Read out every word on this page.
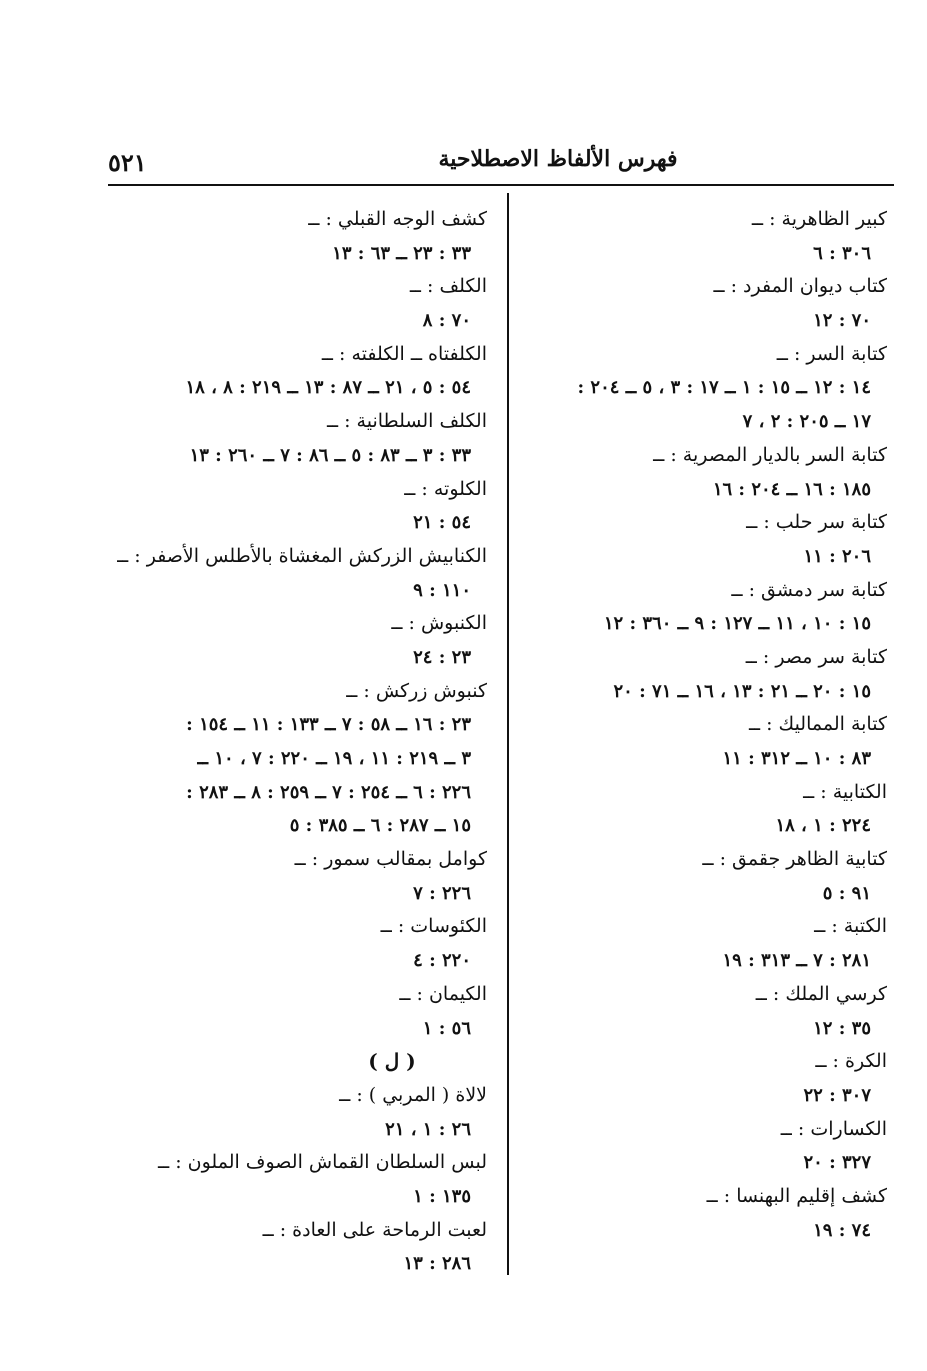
٥٢١	فهرس الألفاظ الاصطلاحية
كبير الظاهرية : ــ
٣٠٦ : ٦
كتاب ديوان المفرد : ــ
٧٠ : ١٢
كتابة السر : ــ
١٤ : ١٢ ــ ١٥ : ١ ــ ١٧ : ٣ ، ٥ ــ ٢٠٤ :
١٧ ــ ٢٠٥ : ٢ ، ٧
كتابة السر بالديار المصرية : ــ
١٨٥ : ١٦ ــ ٢٠٤ : ١٦
كتابة سر حلب : ــ
٢٠٦ : ١١
كتابة سر دمشق : ــ
١٥ : ١٠ ، ١١ ــ ١٢٧ : ٩ ــ ٣٦٠ : ١٢
كتابة سر مصر : ــ
١٥ : ٢٠ ــ ٢١ : ١٣ ، ١٦ ــ ٧١ : ٢٠
كتابة المماليك : ــ
٨٣ : ١٠ ــ ٣١٢ : ١١
الكتابية : ــ
٢٢٤ : ١ ، ١٨
كتابية الظاهر جقمق : ــ
٩١ : ٥
الكتبة : ــ
٢٨١ : ٧ ــ ٣١٣ : ١٩
كرسي الملك : ــ
٣٥ : ١٢
الكرة : ــ
٣٠٧ : ٢٢
الكسارات : ــ
٣٢٧ : ٢٠
كشف إقليم البهنسا : ــ
٧٤ : ١٩
كشف الوجه القبلي : ــ
٣٣ : ٢٣ ــ ٦٣ : ١٣
الكلف : ــ
٧٠ : ٨
الكلفتاه ــ الكلفته : ــ
٥٤ : ٥ ، ٢١ ــ ٨٧ : ١٣ ــ ٢١٩ : ٨ ، ١٨
الكلف السلطانية : ــ
٣٣ : ٣ ــ ٨٣ : ٥ ــ ٨٦ : ٧ ــ ٢٦٠ : ١٣
الكلوته : ــ
٥٤ : ٢١
الكنابيش الزركش المغشاة بالأطلس الأصفر : ــ
١١٠ : ٩
الكنبوش : ــ
٢٣ : ٢٤
كنبوش زركش : ــ
٢٣ : ١٦ ــ ٥٨ : ٧ ــ ١٣٣ : ١١ ــ ١٥٤ :
٣ ــ ٢١٩ : ١١ ، ١٩ ــ ٢٢٠ : ٧ ، ١٠ ــ
٢٢٦ : ٦ ــ ٢٥٤ : ٧ ــ ٢٥٩ : ٨ ــ ٢٨٣ :
١٥ ــ ٢٨٧ : ٦ ــ ٣٨٥ : ٥
كوامل بمقالب سمور : ــ
٢٢٦ : ٧
الكئوسات : ــ
٢٢٠ : ٤
الكيمان : ــ
٥٦ : ١
( ل )
لالاة ( المربي ) : ــ
٢٦ : ١ ، ٢١
لبس السلطان القماش الصوف الملون : ــ
١٣٥ : ١
لعبت الرماحة على العادة : ــ
٢٨٦ : ١٣
